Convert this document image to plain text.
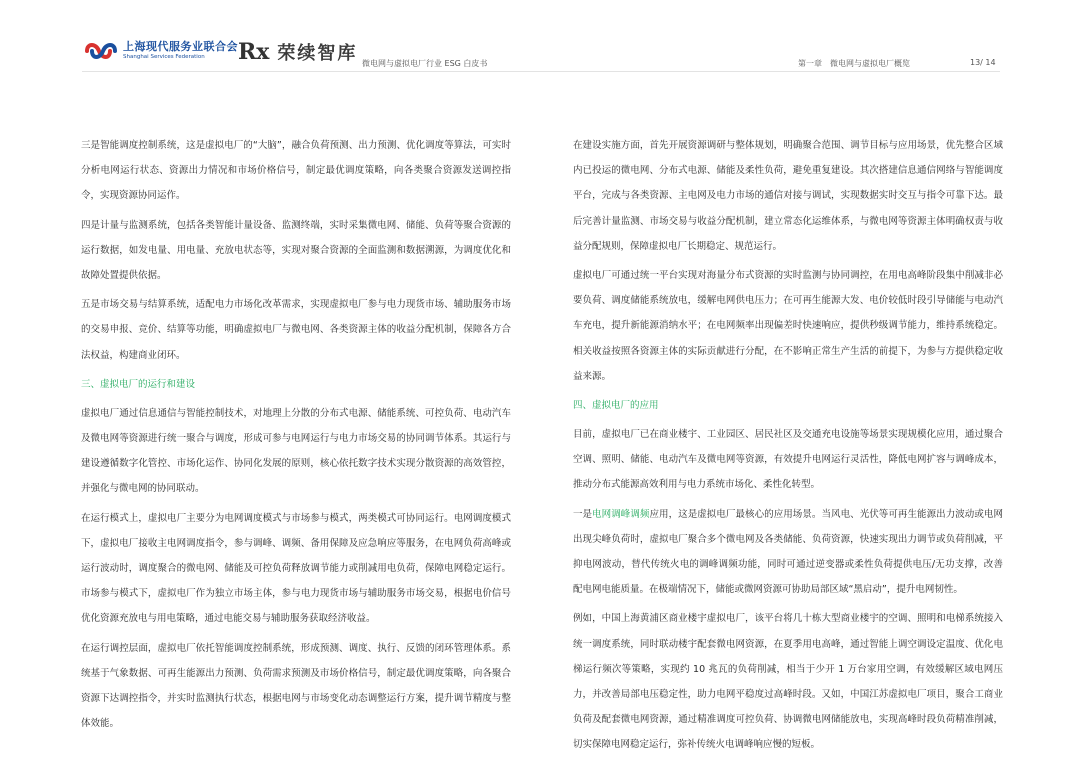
上海现代服务业联合会
Shanghai Services Federation	Rx 荣续智库 微电网与虚拟电厂行业 ESG 白皮书	第一章　微电网与虚拟电厂概览	13/ 14

三是智能调度控制系统，这是虚拟电厂的“大脑”，融合负荷预测、出力预测、优化调度等算法，可实时分析电网运行状态、资源出力情况和市场价格信号，制定最优调度策略，向各类聚合资源发送调控指令，实现资源协同运作。

四是计量与监测系统，包括各类智能计量设备、监测终端，实时采集微电网、储能、负荷等聚合资源的运行数据，如发电量、用电量、充放电状态等，实现对聚合资源的全面监测和数据溯源，为调度优化和故障处置提供依据。

五是市场交易与结算系统，适配电力市场化改革需求，实现虚拟电厂参与电力现货市场、辅助服务市场的交易申报、竞价、结算等功能，明确虚拟电厂与微电网、各类资源主体的收益分配机制，保障各方合法权益，构建商业闭环。

三、虚拟电厂的运行和建设

虚拟电厂通过信息通信与智能控制技术，对地理上分散的分布式电源、储能系统、可控负荷、电动汽车及微电网等资源进行统一聚合与调度，形成可参与电网运行与电力市场交易的协同调节体系。其运行与建设遵循数字化管控、市场化运作、协同化发展的原则，核心依托数字技术实现分散资源的高效管控，并强化与微电网的协同联动。

在运行模式上，虚拟电厂主要分为电网调度模式与市场参与模式，两类模式可协同运行。电网调度模式下，虚拟电厂接收主电网调度指令，参与调峰、调频、备用保障及应急响应等服务，在电网负荷高峰或运行波动时，调度聚合的微电网、储能及可控负荷释放调节能力或削减用电负荷，保障电网稳定运行。市场参与模式下，虚拟电厂作为独立市场主体，参与电力现货市场与辅助服务市场交易，根据电价信号优化资源充放电与用电策略，通过电能交易与辅助服务获取经济收益。

在运行调控层面，虚拟电厂依托智能调度控制系统，形成预测、调度、执行、反馈的闭环管理体系。系统基于气象数据、可再生能源出力预测、负荷需求预测及市场价格信号，制定最优调度策略，向各聚合资源下达调控指令，并实时监测执行状态，根据电网与市场变化动态调整运行方案，提升调节精度与整体效能。

在建设实施方面，首先开展资源调研与整体规划，明确聚合范围、调节目标与应用场景，优先整合区域内已投运的微电网、分布式电源、储能及柔性负荷，避免重复建设。其次搭建信息通信网络与智能调度平台，完成与各类资源、主电网及电力市场的通信对接与调试，实现数据实时交互与指令可靠下达。最后完善计量监测、市场交易与收益分配机制，建立常态化运维体系，与微电网等资源主体明确权责与收益分配规则，保障虚拟电厂长期稳定、规范运行。

虚拟电厂可通过统一平台实现对海量分布式资源的实时监测与协同调控，在用电高峰阶段集中削减非必要负荷、调度储能系统放电，缓解电网供电压力；在可再生能源大发、电价较低时段引导储能与电动汽车充电，提升新能源消纳水平；在电网频率出现偏差时快速响应，提供秒级调节能力，维持系统稳定。相关收益按照各资源主体的实际贡献进行分配，在不影响正常生产生活的前提下，为参与方提供稳定收益来源。

四、虚拟电厂的应用

目前，虚拟电厂已在商业楼宇、工业园区、居民社区及交通充电设施等场景实现规模化应用，通过聚合空调、照明、储能、电动汽车及微电网等资源，有效提升电网运行灵活性，降低电网扩容与调峰成本，推动分布式能源高效利用与电力系统市场化、柔性化转型。

一是电网调峰调频应用，这是虚拟电厂最核心的应用场景。当风电、光伏等可再生能源出力波动或电网出现尖峰负荷时，虚拟电厂聚合多个微电网及各类储能、负荷资源，快速实现出力调节或负荷削减，平抑电网波动，替代传统火电的调峰调频功能，同时可通过逆变器或柔性负荷提供电压/无功支撑，改善配电网电能质量。在极端情况下，储能或微网资源可协助局部区域“黑启动”，提升电网韧性。

例如，中国上海黄浦区商业楼宇虚拟电厂，该平台将几十栋大型商业楼宇的空调、照明和电梯系统接入统一调度系统，同时联动楼宇配套微电网资源，在夏季用电高峰，通过智能上调空调设定温度、优化电梯运行频次等策略，实现约 10 兆瓦的负荷削减，相当于少开 1 万台家用空调，有效缓解区域电网压力，并改善局部电压稳定性，助力电网平稳度过高峰时段。又如，中国江苏虚拟电厂项目，聚合工商业负荷及配套微电网资源，通过精准调度可控负荷、协调微电网储能放电，实现高峰时段负荷精准削减，切实保障电网稳定运行，弥补传统火电调峰响应慢的短板。
